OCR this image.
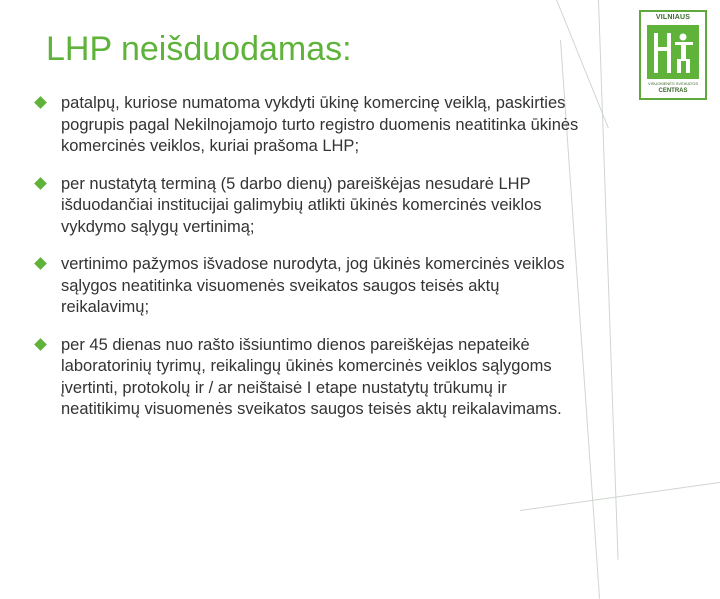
LHP neišduodamas:
VILNIAUS
VISUOMENĖS SVEIKATOS
CENTRAS
patalpų, kuriose numatoma vykdyti ūkinę komercinę veiklą, paskirties pogrupis pagal Nekilnojamojo turto registro duomenis neatitinka ūkinės komercinės veiklos, kuriai prašoma LHP;
per nustatytą terminą (5 darbo dienų) pareiškėjas nesudarė LHP išduodančiai institucijai galimybių atlikti ūkinės komercinės veiklos vykdymo sąlygų vertinimą;
vertinimo pažymos išvadose nurodyta, jog ūkinės komercinės veiklos sąlygos neatitinka visuomenės sveikatos saugos teisės aktų reikalavimų;
per 45 dienas nuo rašto išsiuntimo dienos pareiškėjas nepateikė laboratorinių tyrimų, reikalingų ūkinės komercinės veiklos sąlygoms įvertinti, protokolų ir / ar neištaisė I etape nustatytų trūkumų ir neatitikimų visuomenės sveikatos saugos teisės aktų reikalavimams.
